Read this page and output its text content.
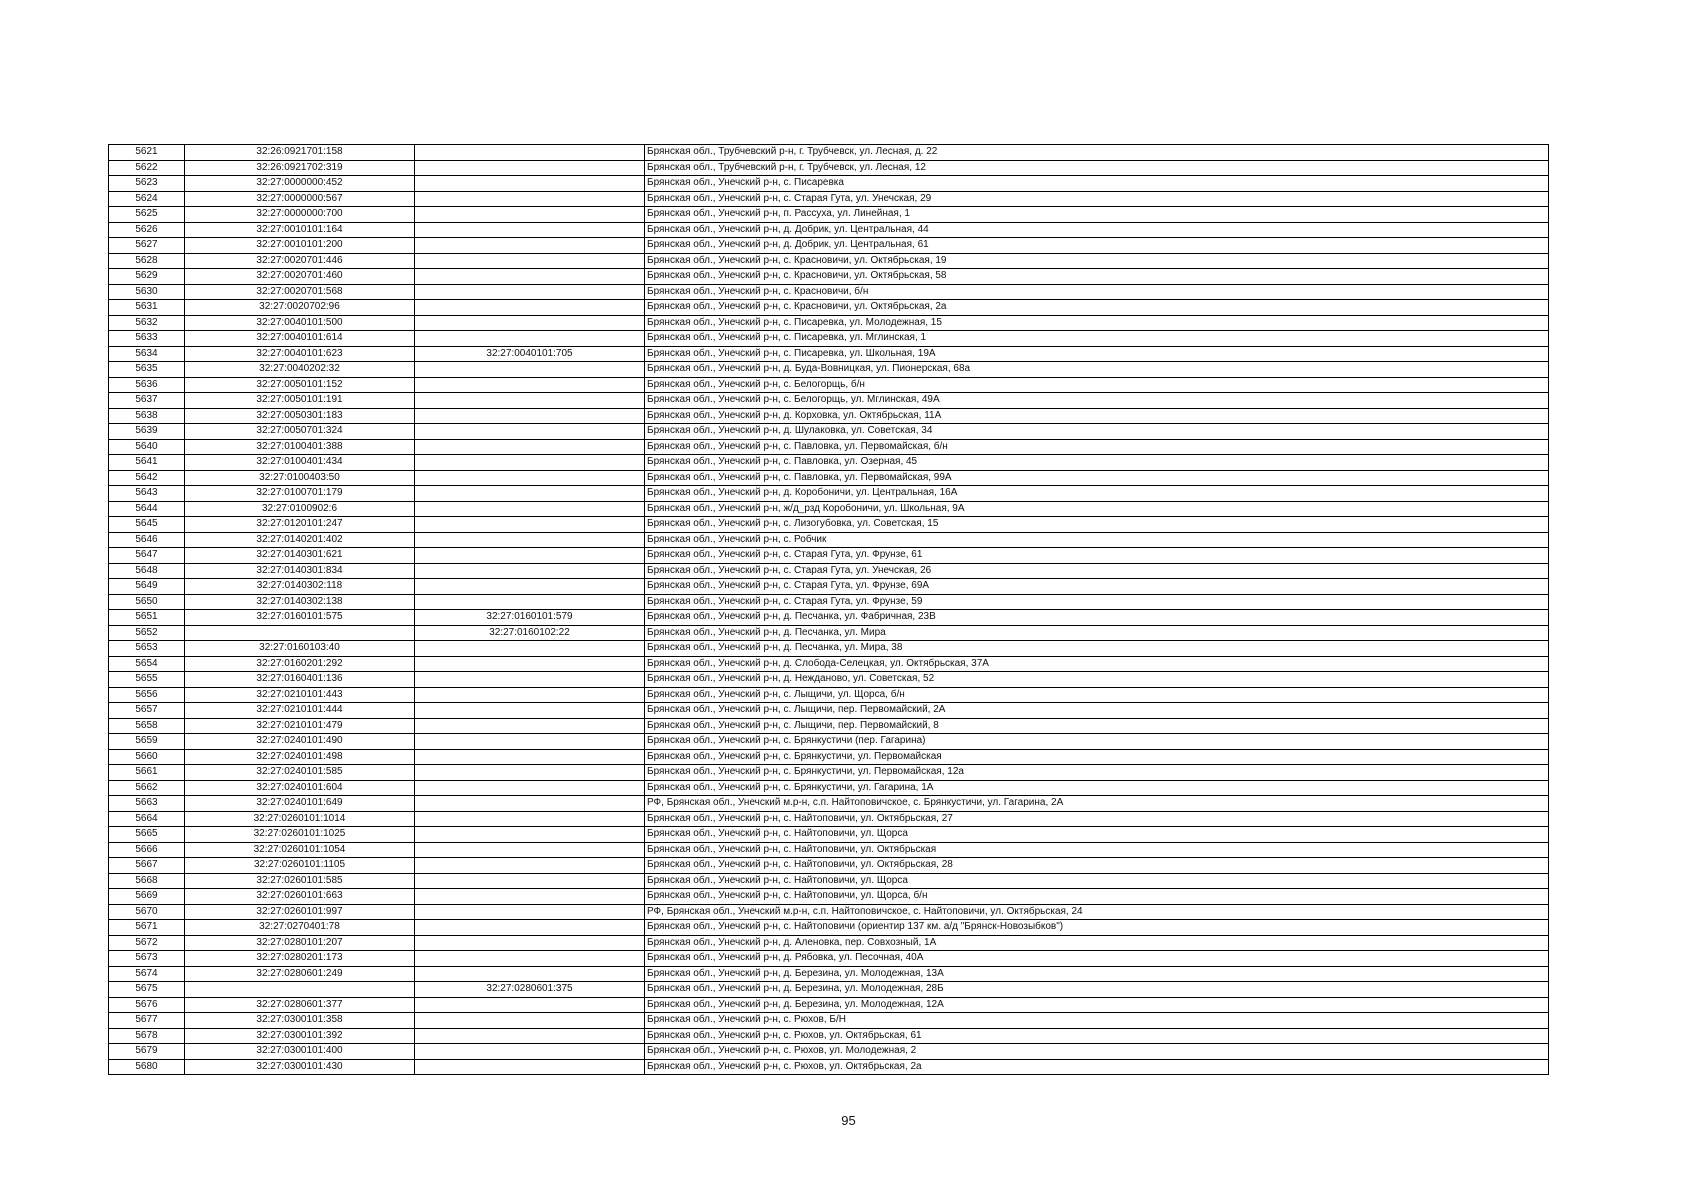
5621	32:26:0921701:158		Брянская обл., Трубчевский р-н, г. Трубчевск, ул. Лесная, д. 22
5622	32:26:0921702:319		Брянская обл., Трубчевский р-н, г. Трубчевск, ул. Лесная, 12
5623	32:27:0000000:452		Брянская обл., Унечский р-н, с. Писаревка
5624	32:27:0000000:567		Брянская обл., Унечский р-н, с. Старая Гута, ул. Унечская, 29
5625	32:27:0000000:700		Брянская обл., Унечский р-н, п. Рассуха, ул. Линейная, 1
5626	32:27:0010101:164		Брянская обл., Унечский р-н, д. Добрик, ул. Центральная, 44
5627	32:27:0010101:200		Брянская обл., Унечский р-н, д. Добрик, ул. Центральная, 61
5628	32:27:0020701:446		Брянская обл., Унечский р-н, с. Красновичи, ул. Октябрьская, 19
5629	32:27:0020701:460		Брянская обл., Унечский р-н, с. Красновичи, ул. Октябрьская, 58
5630	32:27:0020701:568		Брянская обл., Унечский р-н, с. Красновичи, б/н
5631	32:27:0020702:96		Брянская обл., Унечский р-н, с. Красновичи, ул. Октябрьская, 2а
5632	32:27:0040101:500		Брянская обл., Унечский р-н, с. Писаревка, ул. Молодежная, 15
5633	32:27:0040101:614		Брянская обл., Унечский р-н, с. Писаревка, ул. Мглинская, 1
5634	32:27:0040101:623	32:27:0040101:705	Брянская обл., Унечский р-н, с. Писаревка, ул. Школьная, 19А
5635	32:27:0040202:32		Брянская обл., Унечский р-н, д. Буда-Вовницкая, ул. Пионерская, 68а
5636	32:27:0050101:152		Брянская обл., Унечский р-н, с. Белогорщь, б/н
5637	32:27:0050101:191		Брянская обл., Унечский р-н, с. Белогорщь, ул. Мглинская, 49А
5638	32:27:0050301:183		Брянская обл., Унечский р-н, д. Корховка, ул. Октябрьская, 11А
5639	32:27:0050701:324		Брянская обл., Унечский р-н, д. Шулаковка, ул. Советская, 34
5640	32:27:0100401:388		Брянская обл., Унечский р-н, с. Павловка, ул. Первомайская, б/н
5641	32:27:0100401:434		Брянская обл., Унечский р-н, с. Павловка, ул. Озерная, 45
5642	32:27:0100403:50		Брянская обл., Унечский р-н, с. Павловка, ул. Первомайская, 99А
5643	32:27:0100701:179		Брянская обл., Унечский р-н, д. Коробоничи, ул. Центральная, 16А
5644	32:27:0100902:6		Брянская обл., Унечский р-н, ж/д_рзд Коробоничи, ул. Школьная, 9А
5645	32:27:0120101:247		Брянская обл., Унечский р-н, с. Лизогубовка, ул. Советская, 15
5646	32:27:0140201:402		Брянская обл., Унечский р-н, с. Робчик
5647	32:27:0140301:621		Брянская обл., Унечский р-н, с. Старая Гута, ул. Фрунзе, 61
5648	32:27:0140301:834		Брянская обл., Унечский р-н, с. Старая Гута, ул. Унечская, 26
5649	32:27:0140302:118		Брянская обл., Унечский р-н, с. Старая Гута, ул. Фрунзе, 69А
5650	32:27:0140302:138		Брянская обл., Унечский р-н, с. Старая Гута, ул. Фрунзе, 59
5651	32:27:0160101:575	32:27:0160101:579	Брянская обл., Унечский р-н, д. Песчанка, ул. Фабричная, 23В
5652		32:27:0160102:22	Брянская обл., Унечский р-н, д. Песчанка, ул. Мира
5653	32:27:0160103:40		Брянская обл., Унечский р-н, д. Песчанка, ул. Мира, 38
5654	32:27:0160201:292		Брянская обл., Унечский р-н, д. Слобода-Селецкая, ул. Октябрьская, 37А
5655	32:27:0160401:136		Брянская обл., Унечский р-н, д. Нежданово, ул. Советская, 52
5656	32:27:0210101:443		Брянская обл., Унечский р-н, с. Лыщичи, ул. Щорса, б/н
5657	32:27:0210101:444		Брянская обл., Унечский р-н, с. Лыщичи, пер. Первомайский, 2А
5658	32:27:0210101:479		Брянская обл., Унечский р-н, с. Лыщичи, пер. Первомайский, 8
5659	32:27:0240101:490		Брянская обл., Унечский р-н, с. Брянкустичи (пер. Гагарина)
5660	32:27:0240101:498		Брянская обл., Унечский р-н, с. Брянкустичи, ул. Первомайская
5661	32:27:0240101:585		Брянская обл., Унечский р-н, с. Брянкустичи, ул. Первомайская, 12а
5662	32:27:0240101:604		Брянская обл., Унечский р-н, с. Брянкустичи, ул. Гагарина, 1А
5663	32:27:0240101:649		РФ, Брянская обл., Унечский м.р-н, с.п. Найтоповичское, с. Брянкустичи, ул. Гагарина, 2А
5664	32:27:0260101:1014		Брянская обл., Унечский р-н, с. Найтоповичи, ул. Октябрьская, 27
5665	32:27:0260101:1025		Брянская обл., Унечский р-н, с. Найтоповичи, ул. Щорса
5666	32:27:0260101:1054		Брянская обл., Унечский р-н, с. Найтоповичи, ул. Октябрьская
5667	32:27:0260101:1105		Брянская обл., Унечский р-н, с. Найтоповичи, ул. Октябрьская, 28
5668	32:27:0260101:585		Брянская обл., Унечский р-н, с. Найтоповичи, ул. Щорса
5669	32:27:0260101:663		Брянская обл., Унечский р-н, с. Найтоповичи, ул. Щорса, б/н
5670	32:27:0260101:997		РФ, Брянская обл., Унечский м.р-н, с.п. Найтоповичское, с. Найтоповичи, ул. Октябрьская, 24
5671	32:27:0270401:78		Брянская обл., Унечский р-н, с. Найтоповичи (ориентир 137 км. а/д "Брянск-Новозыбков")
5672	32:27:0280101:207		Брянская обл., Унечский р-н, д. Аленовка, пер. Совхозный, 1А
5673	32:27:0280201:173		Брянская обл., Унечский р-н, д. Рябовка, ул. Песочная, 40А
5674	32:27:0280601:249		Брянская обл., Унечский р-н, д. Березина, ул. Молодежная, 13А
5675		32:27:0280601:375	Брянская обл., Унечский р-н, д. Березина, ул. Молодежная, 28Б
5676	32:27:0280601:377		Брянская обл., Унечский р-н, д. Березина, ул. Молодежная, 12А
5677	32:27:0300101:358		Брянская обл., Унечский р-н, с. Рюхов, Б/Н
5678	32:27:0300101:392		Брянская обл., Унечский р-н, с. Рюхов, ул. Октябрьская, 61
5679	32:27:0300101:400		Брянская обл., Унечский р-н, с. Рюхов, ул. Молодежная, 2
5680	32:27:0300101:430		Брянская обл., Унечский р-н, с. Рюхов, ул. Октябрьская, 2а
95
